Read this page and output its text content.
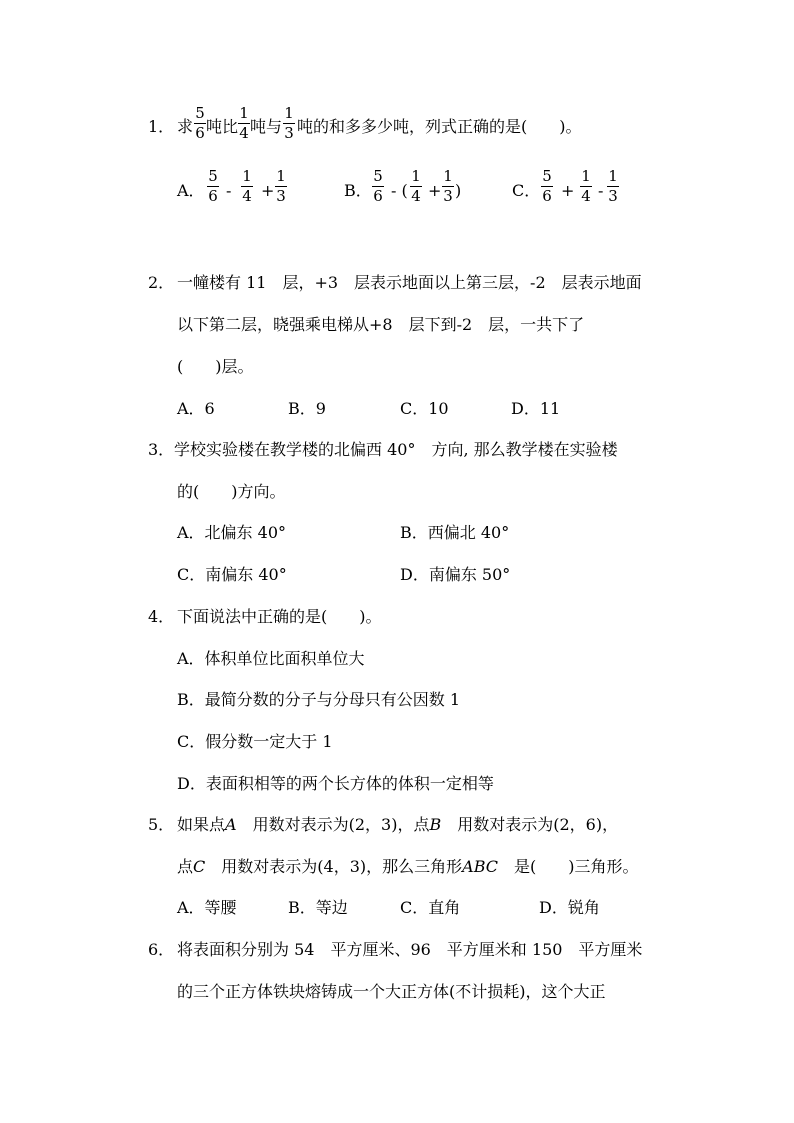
1． 求
5
6 吨比
1
4 吨与
1
3 吨的和多多少吨，列式正确的是(　　)。
A．
5
6 -
1
4 +
1
3	B．
5
6 - (
1
4 +
1
3 )	C．
5
6 +
1
4 -
1
3
2． 一幢楼有 11　层，+3　层表示地面以上第三层，-2　层表示地面
以下第二层，晓强乘电梯从+8　层下到-2　层，一共下了
(　　)层。
A．6	B．9	C．10	D．11
3． 学校实验楼在教学楼的北偏西 40°　方向, 那么教学楼在实验楼
的(　　)方向。
A．北偏东 40°	B．西偏北 40°
C．南偏东 40°	D．南偏东 50°
4． 下面说法中正确的是(　　)。
A．体积单位比面积单位大
B．最简分数的分子与分母只有公因数 1
C．假分数一定大于 1
D．表面积相等的两个长方体的体积一定相等
5． 如果点A　 用数对表示为(2，3)，点B　 用数对表示为(2，6)，
点C　 用数对表示为(4，3)，那么三角形ABC　 是(　　)三角形。
A．等腰	B．等边	C．直角	D．锐角
6． 将表面积分别为 54　平方厘米、96　平方厘米和 150　平方厘米
的三个正方体铁块熔铸成一个大正方体(不计损耗)，这个大正
